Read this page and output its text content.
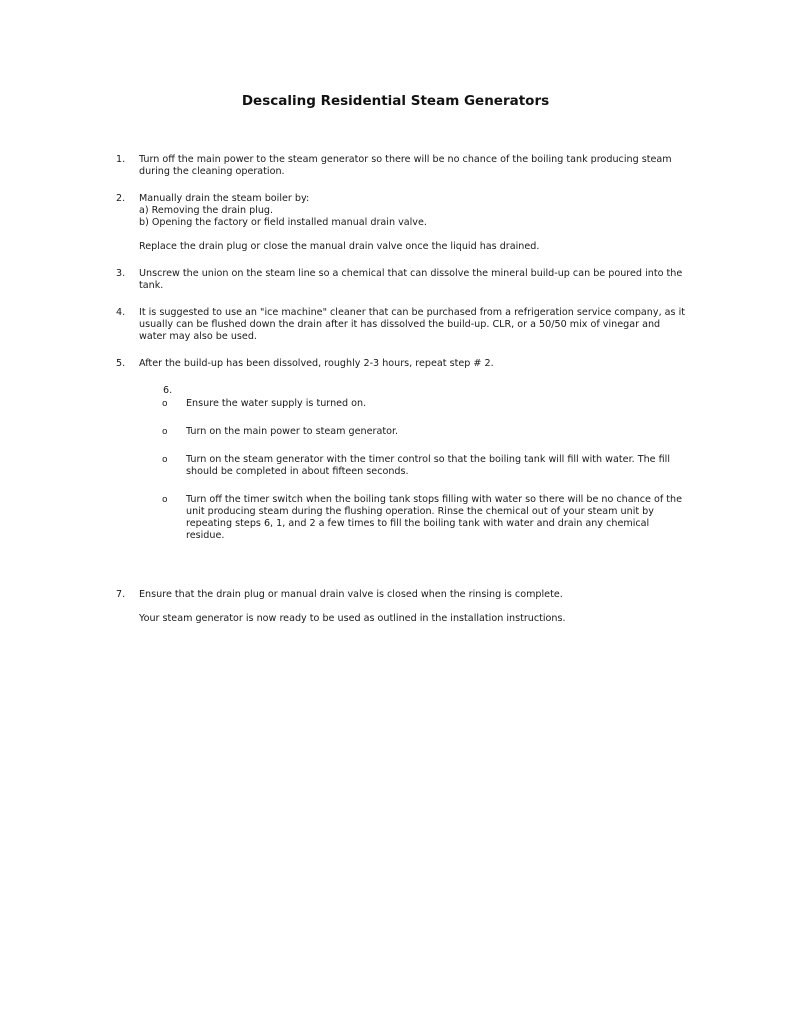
Descaling Residential Steam Generators
1.	Turn off the main power to the steam generator so there will be no chance of the boiling tank producing steam
during the cleaning operation.
2.	Manually drain the steam boiler by:
a) Removing the drain plug.
b) Opening the factory or field installed manual drain valve.
Replace the drain plug or close the manual drain valve once the liquid has drained.
3.	Unscrew the union on the steam line so a chemical that can dissolve the mineral build-up can be poured into the
tank.
4.	It is suggested to use an "ice machine" cleaner that can be purchased from a refrigeration service company, as it
usually can be flushed down the drain after it has dissolved the build-up. CLR, or a 50/50 mix of vinegar and
water may also be used.
5.	After the build-up has been dissolved, roughly 2-3 hours, repeat step # 2.
6.
o Ensure the water supply is turned on.
o Turn on the main power to steam generator.
o Turn on the steam generator with the timer control so that the boiling tank will fill with water. The fill
should be completed in about fifteen seconds.
o Turn off the timer switch when the boiling tank stops filling with water so there will be no chance of the
unit producing steam during the flushing operation. Rinse the chemical out of your steam unit by
repeating steps 6, 1, and 2 a few times to fill the boiling tank with water and drain any chemical
residue.
7.	Ensure that the drain plug or manual drain valve is closed when the rinsing is complete.
Your steam generator is now ready to be used as outlined in the installation instructions.
